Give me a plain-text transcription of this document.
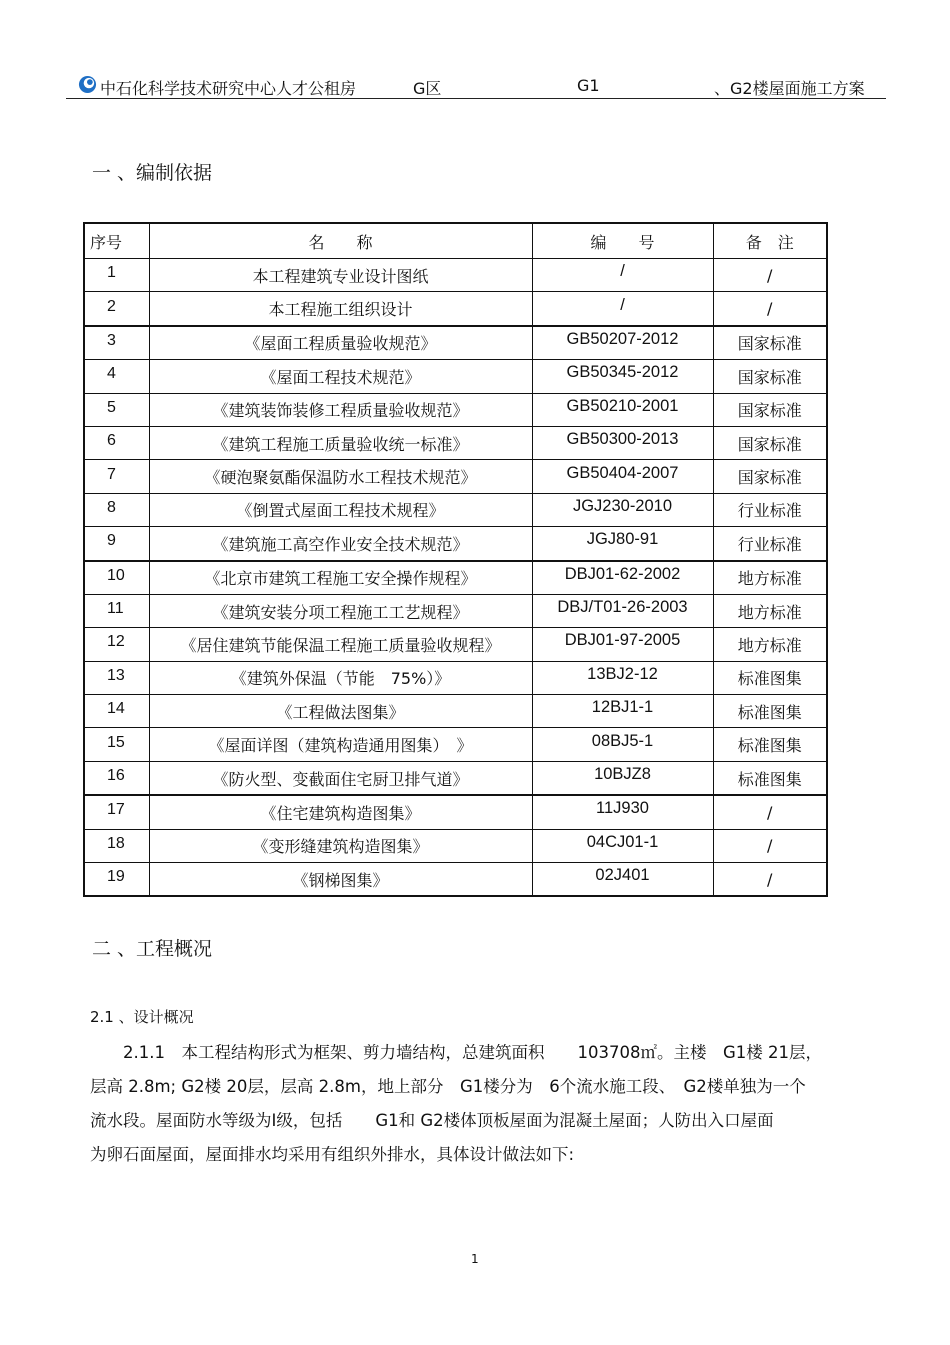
中石化科学技术研究中心人才公租房	G区	G1	、G2楼屋面施工方案
一 、编制依据
序号	名　　称	编　　号	备　注
1	本工程建筑专业设计图纸	/	/
2	本工程施工组织设计	/	/
3	《屋面工程质量验收规范》	GB50207-2012	国家标准
4	《屋面工程技术规范》	GB50345-2012	国家标准
5	《建筑装饰装修工程质量验收规范》	GB50210-2001	国家标准
6	《建筑工程施工质量验收统一标准》	GB50300-2013	国家标准
7	《硬泡聚氨酯保温防水工程技术规范》	GB50404-2007	国家标准
8	《倒置式屋面工程技术规程》	JGJ230-2010	行业标准
9	《建筑施工高空作业安全技术规范》	JGJ80-91	行业标准
10	《北京市建筑工程施工安全操作规程》	DBJ01-62-2002	地方标准
11	《建筑安装分项工程施工工艺规程》	DBJ/T01-26-2003	地方标准
12	《居住建筑节能保温工程施工质量验收规程》	DBJ01-97-2005	地方标准
13	《建筑外保温（节能　75%）》	13BJ2-12	标准图集
14	《工程做法图集》	12BJ1-1	标准图集
15	《屋面详图（建筑构造通用图集）　》	08BJ5-1	标准图集
16	《防火型、变截面住宅厨卫排气道》	10BJZ8	标准图集
17	《住宅建筑构造图集》	11J930	/
18	《变形缝建筑构造图集》	04CJ01-1	/
19	《钢梯图集》	02J401	/
二 、工程概况
2.1 、设计概况

　　2.1.1　本工程结构形式为框架、剪力墙结构，总建筑面积　　103708㎡。主楼　G1楼 21层，

层高 2.8m; G2楼 20层，层高 2.8m，地上部分　G1楼分为　6个流水施工段、　G2楼单独为一个

流水段。屋面防水等级为Ⅰ级，包括　　G1和 G2楼体顶板屋面为混凝土屋面；人防出入口屋面

为卵石面屋面，屋面排水均采用有组织外排水，具体设计做法如下:

1
